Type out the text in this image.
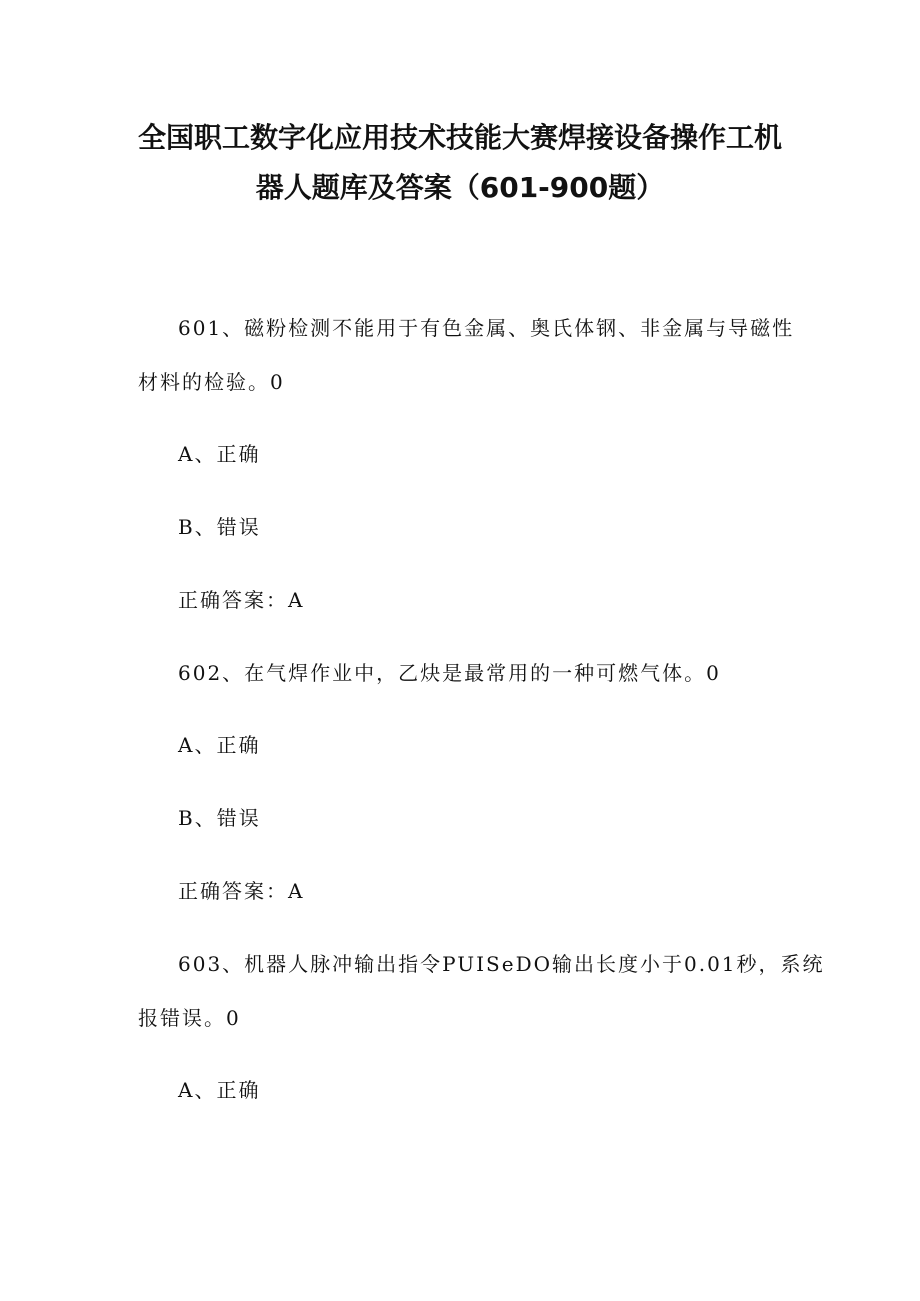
全国职工数字化应用技术技能大赛焊接设备操作工机
器人题库及答案（601-900题）

601、磁粉检测不能用于有色金属、奥氏体钢、非金属与导磁性

材料的检验。0

A、正确

B、错误

正确答案：A

602、在气焊作业中，乙炔是最常用的一种可燃气体。0

A、正确

B、错误

正确答案：A

603、机器人脉冲输出指令PUISeDO输出长度小于0.01秒，系统

报错误。0

A、正确
